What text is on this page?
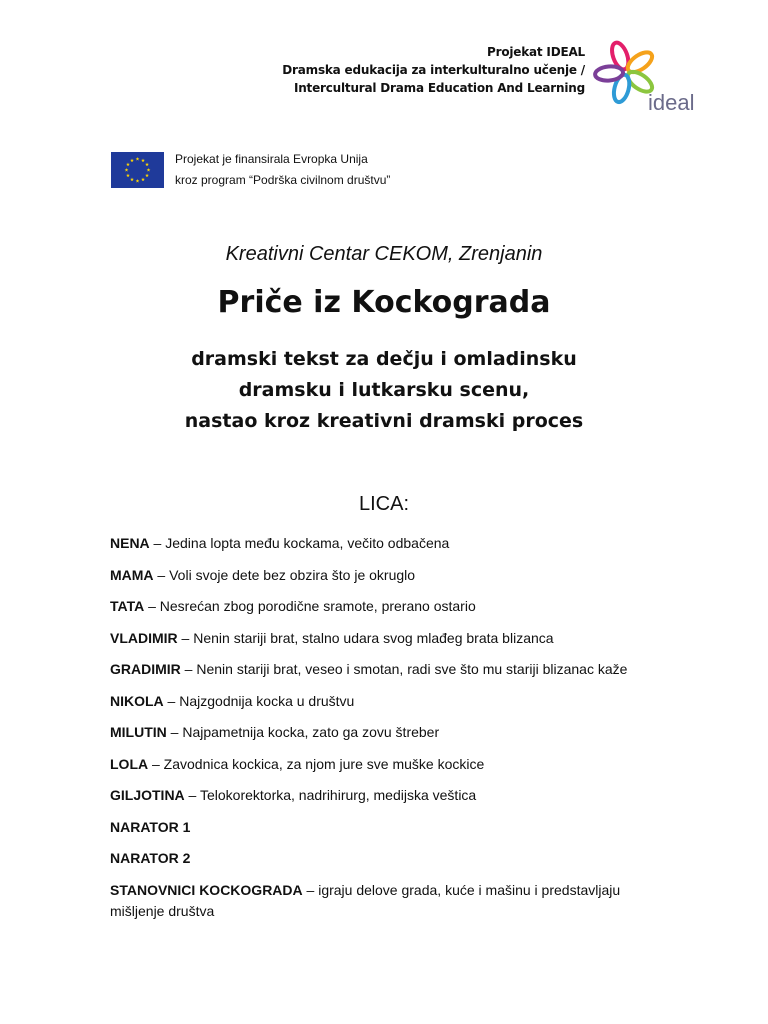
Projekat IDEAL
Dramska edukacija za interkulturalno učenje /
Intercultural Drama Education And Learning
ideal
Projekat je finansirala Evropka Unija
kroz program “Podrška civilnom društvu”
Kreativni Centar CEKOM, Zrenjanin
Priče iz Kockograda
dramski tekst za dečju i omladinsku
dramsku i lutkarsku scenu,
nastao kroz kreativni dramski proces
LICA:

NENA – Jedina lopta među kockama, večito odbačena

MAMA – Voli svoje dete bez obzira što je okruglo

TATA – Nesrećan zbog porodične sramote, prerano ostario

VLADIMIR – Nenin stariji brat, stalno udara svog mlađeg brata blizanca

GRADIMIR – Nenin stariji brat, veseo i smotan, radi sve što mu stariji blizanac kaže

NIKOLA – Najzgodnija kocka u društvu

MILUTIN – Najpametnija kocka, zato ga zovu štreber

LOLA – Zavodnica kockica, za njom jure sve muške kockice

GILJOTINA – Telokorektorka, nadrihirurg, medijska veštica

NARATOR 1

NARATOR 2

STANOVNICI KOCKOGRADA – igraju delove grada, kuće i mašinu i predstavljaju mišljenje društva
